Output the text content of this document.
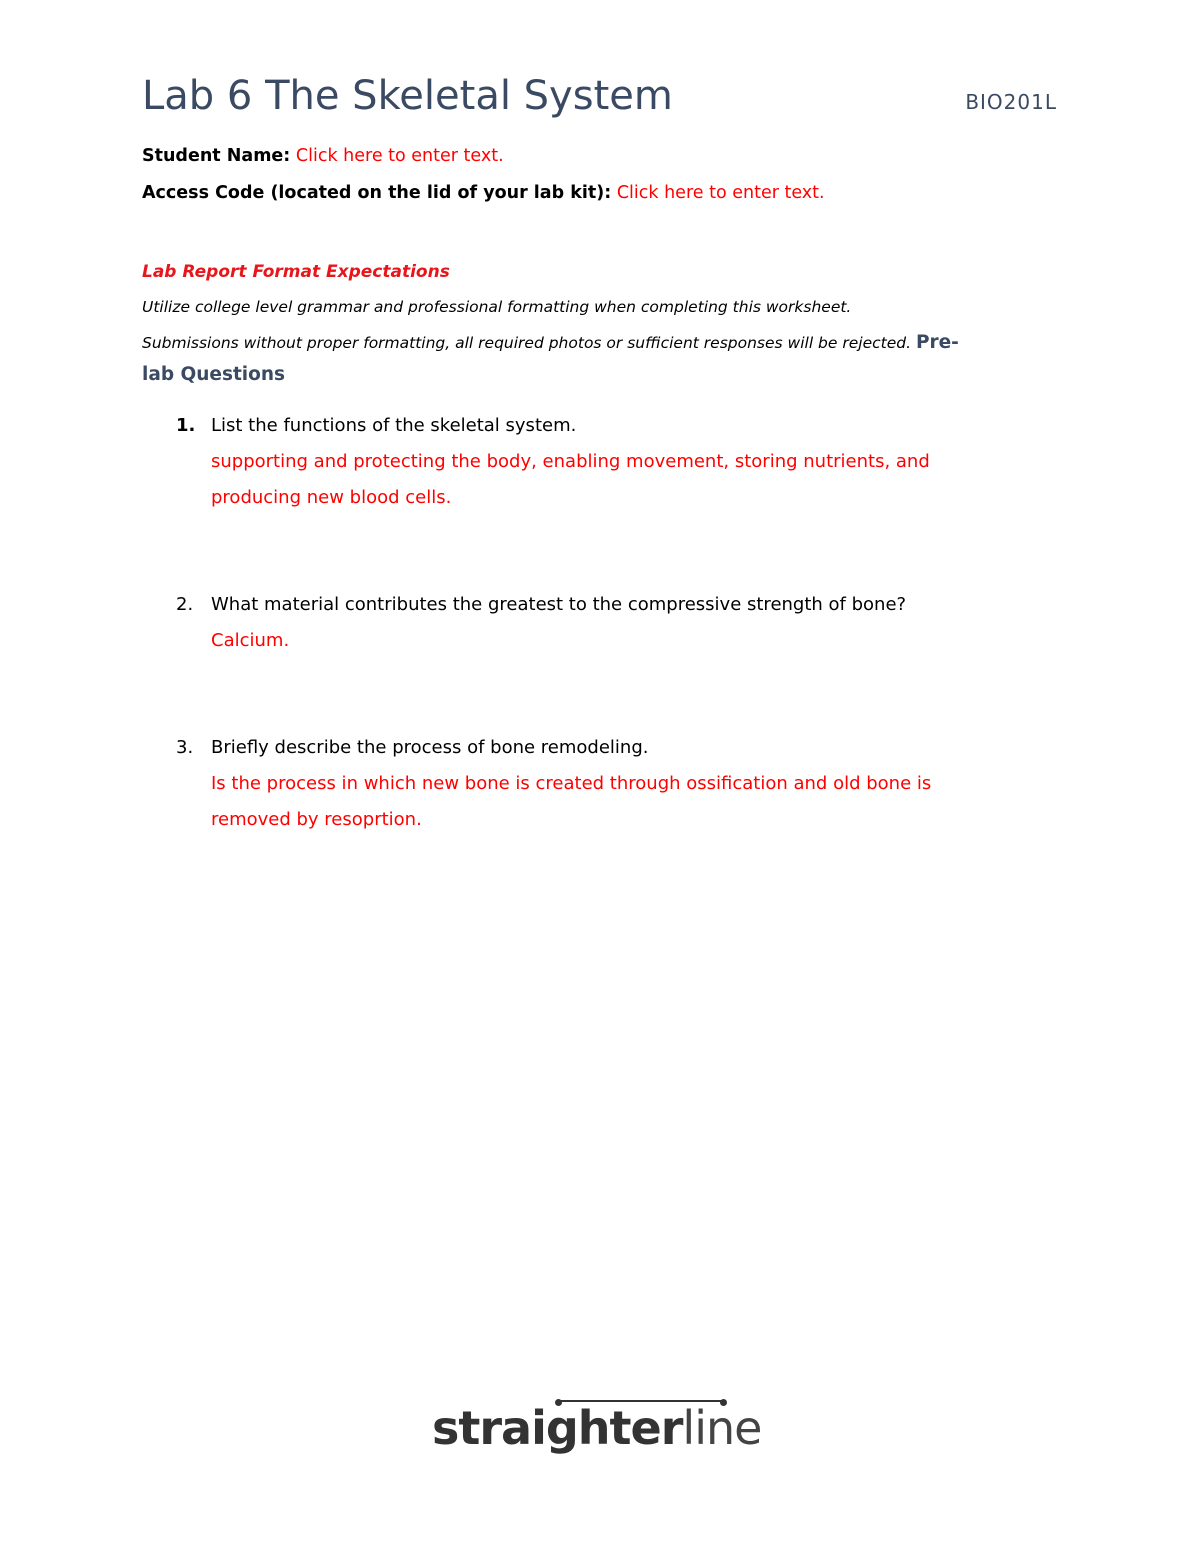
Lab 6 The Skeletal System	BIO201L
Student Name: Click here to enter text.
Access Code (located on the lid of your lab kit): Click here to enter text.
Lab Report Format Expectations
Utilize college level grammar and professional formatting when completing this worksheet.
Submissions without proper formatting, all required photos or sufficient responses will be rejected. Pre-
lab Questions
1. List the functions of the skeletal system.
supporting and protecting the body, enabling movement, storing nutrients, and producing new blood cells.
2. What material contributes the greatest to the compressive strength of bone?
Calcium.
3. Briefly describe the process of bone remodeling.
Is the process in which new bone is created through ossification and old bone is removed by resoprtion.
straighterline
